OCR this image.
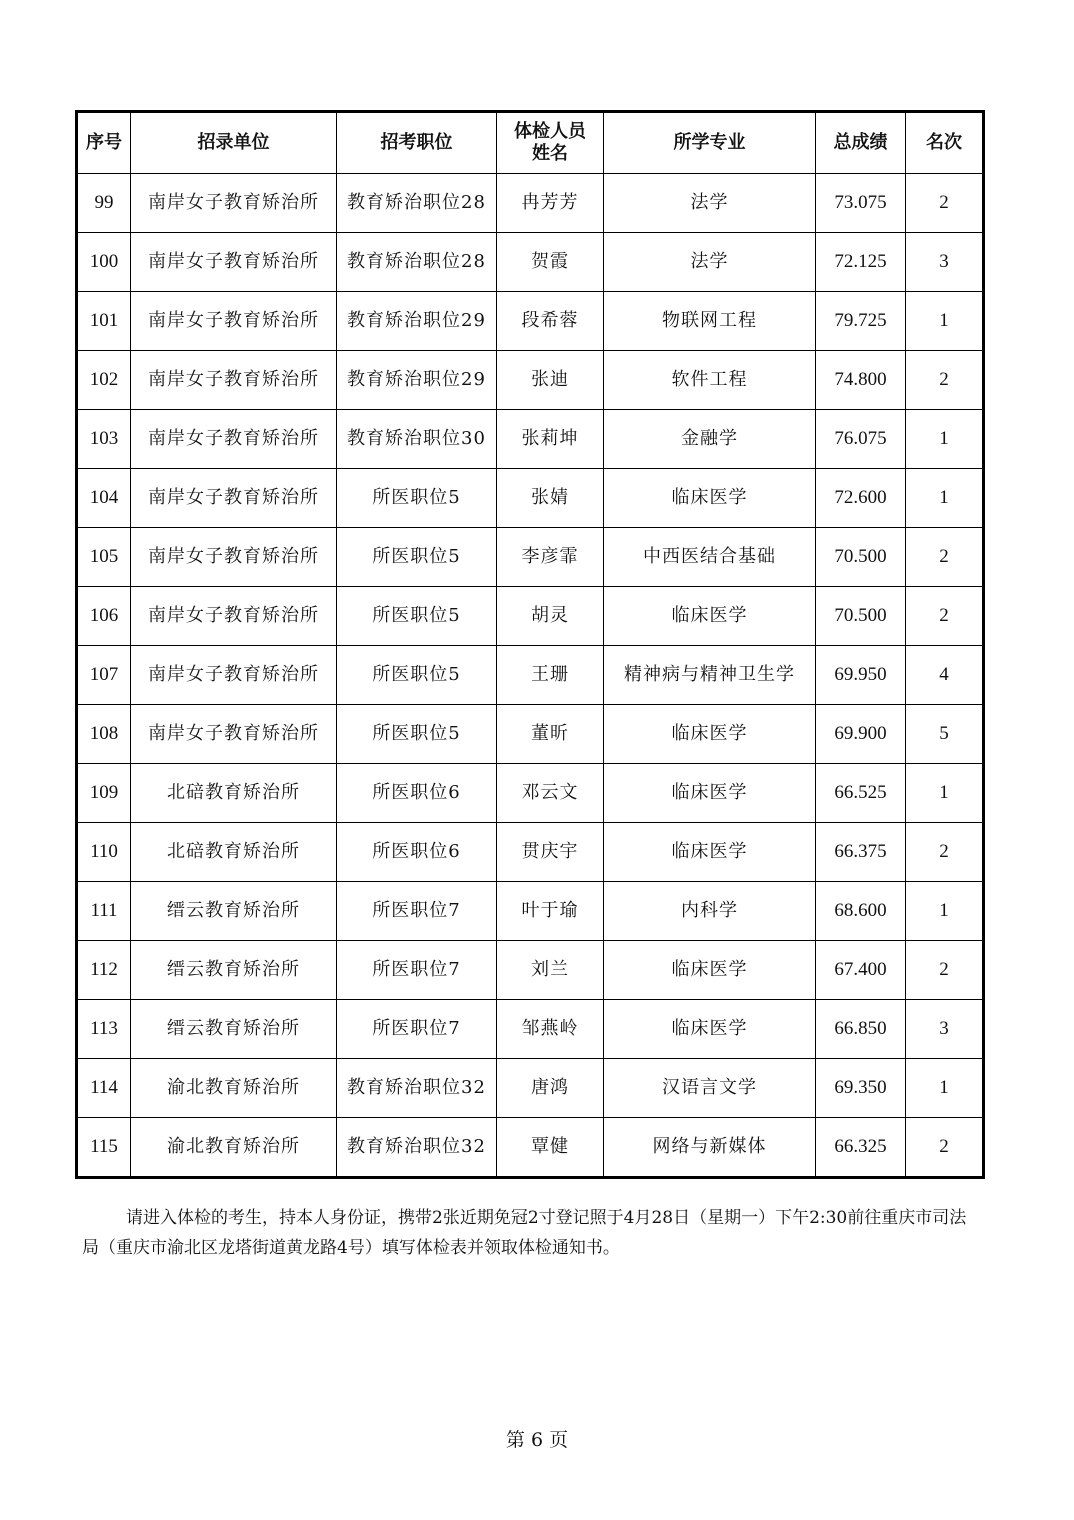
序号	招录单位	招考职位	体检人员姓名	所学专业	总成绩	名次
99	南岸女子教育矫治所	教育矫治职位28	冉芳芳	法学	73.075	2
100	南岸女子教育矫治所	教育矫治职位28	贺霞	法学	72.125	3
101	南岸女子教育矫治所	教育矫治职位29	段希蓉	物联网工程	79.725	1
102	南岸女子教育矫治所	教育矫治职位29	张迪	软件工程	74.800	2
103	南岸女子教育矫治所	教育矫治职位30	张莉坤	金融学	76.075	1
104	南岸女子教育矫治所	所医职位5	张婧	临床医学	72.600	1
105	南岸女子教育矫治所	所医职位5	李彦霏	中西医结合基础	70.500	2
106	南岸女子教育矫治所	所医职位5	胡灵	临床医学	70.500	2
107	南岸女子教育矫治所	所医职位5	王珊	精神病与精神卫生学	69.950	4
108	南岸女子教育矫治所	所医职位5	董昕	临床医学	69.900	5
109	北碚教育矫治所	所医职位6	邓云文	临床医学	66.525	1
110	北碚教育矫治所	所医职位6	贯庆宇	临床医学	66.375	2
111	缙云教育矫治所	所医职位7	叶于瑜	内科学	68.600	1
112	缙云教育矫治所	所医职位7	刘兰	临床医学	67.400	2
113	缙云教育矫治所	所医职位7	邹燕岭	临床医学	66.850	3
114	渝北教育矫治所	教育矫治职位32	唐鸿	汉语言文学	69.350	1
115	渝北教育矫治所	教育矫治职位32	覃健	网络与新媒体	66.325	2
请进入体检的考生，持本人身份证，携带2张近期免冠2寸登记照于4月28日（星期一）下午2:30前往重庆市司法局（重庆市渝北区龙塔街道黄龙路4号）填写体检表并领取体检通知书。
第 6 页
